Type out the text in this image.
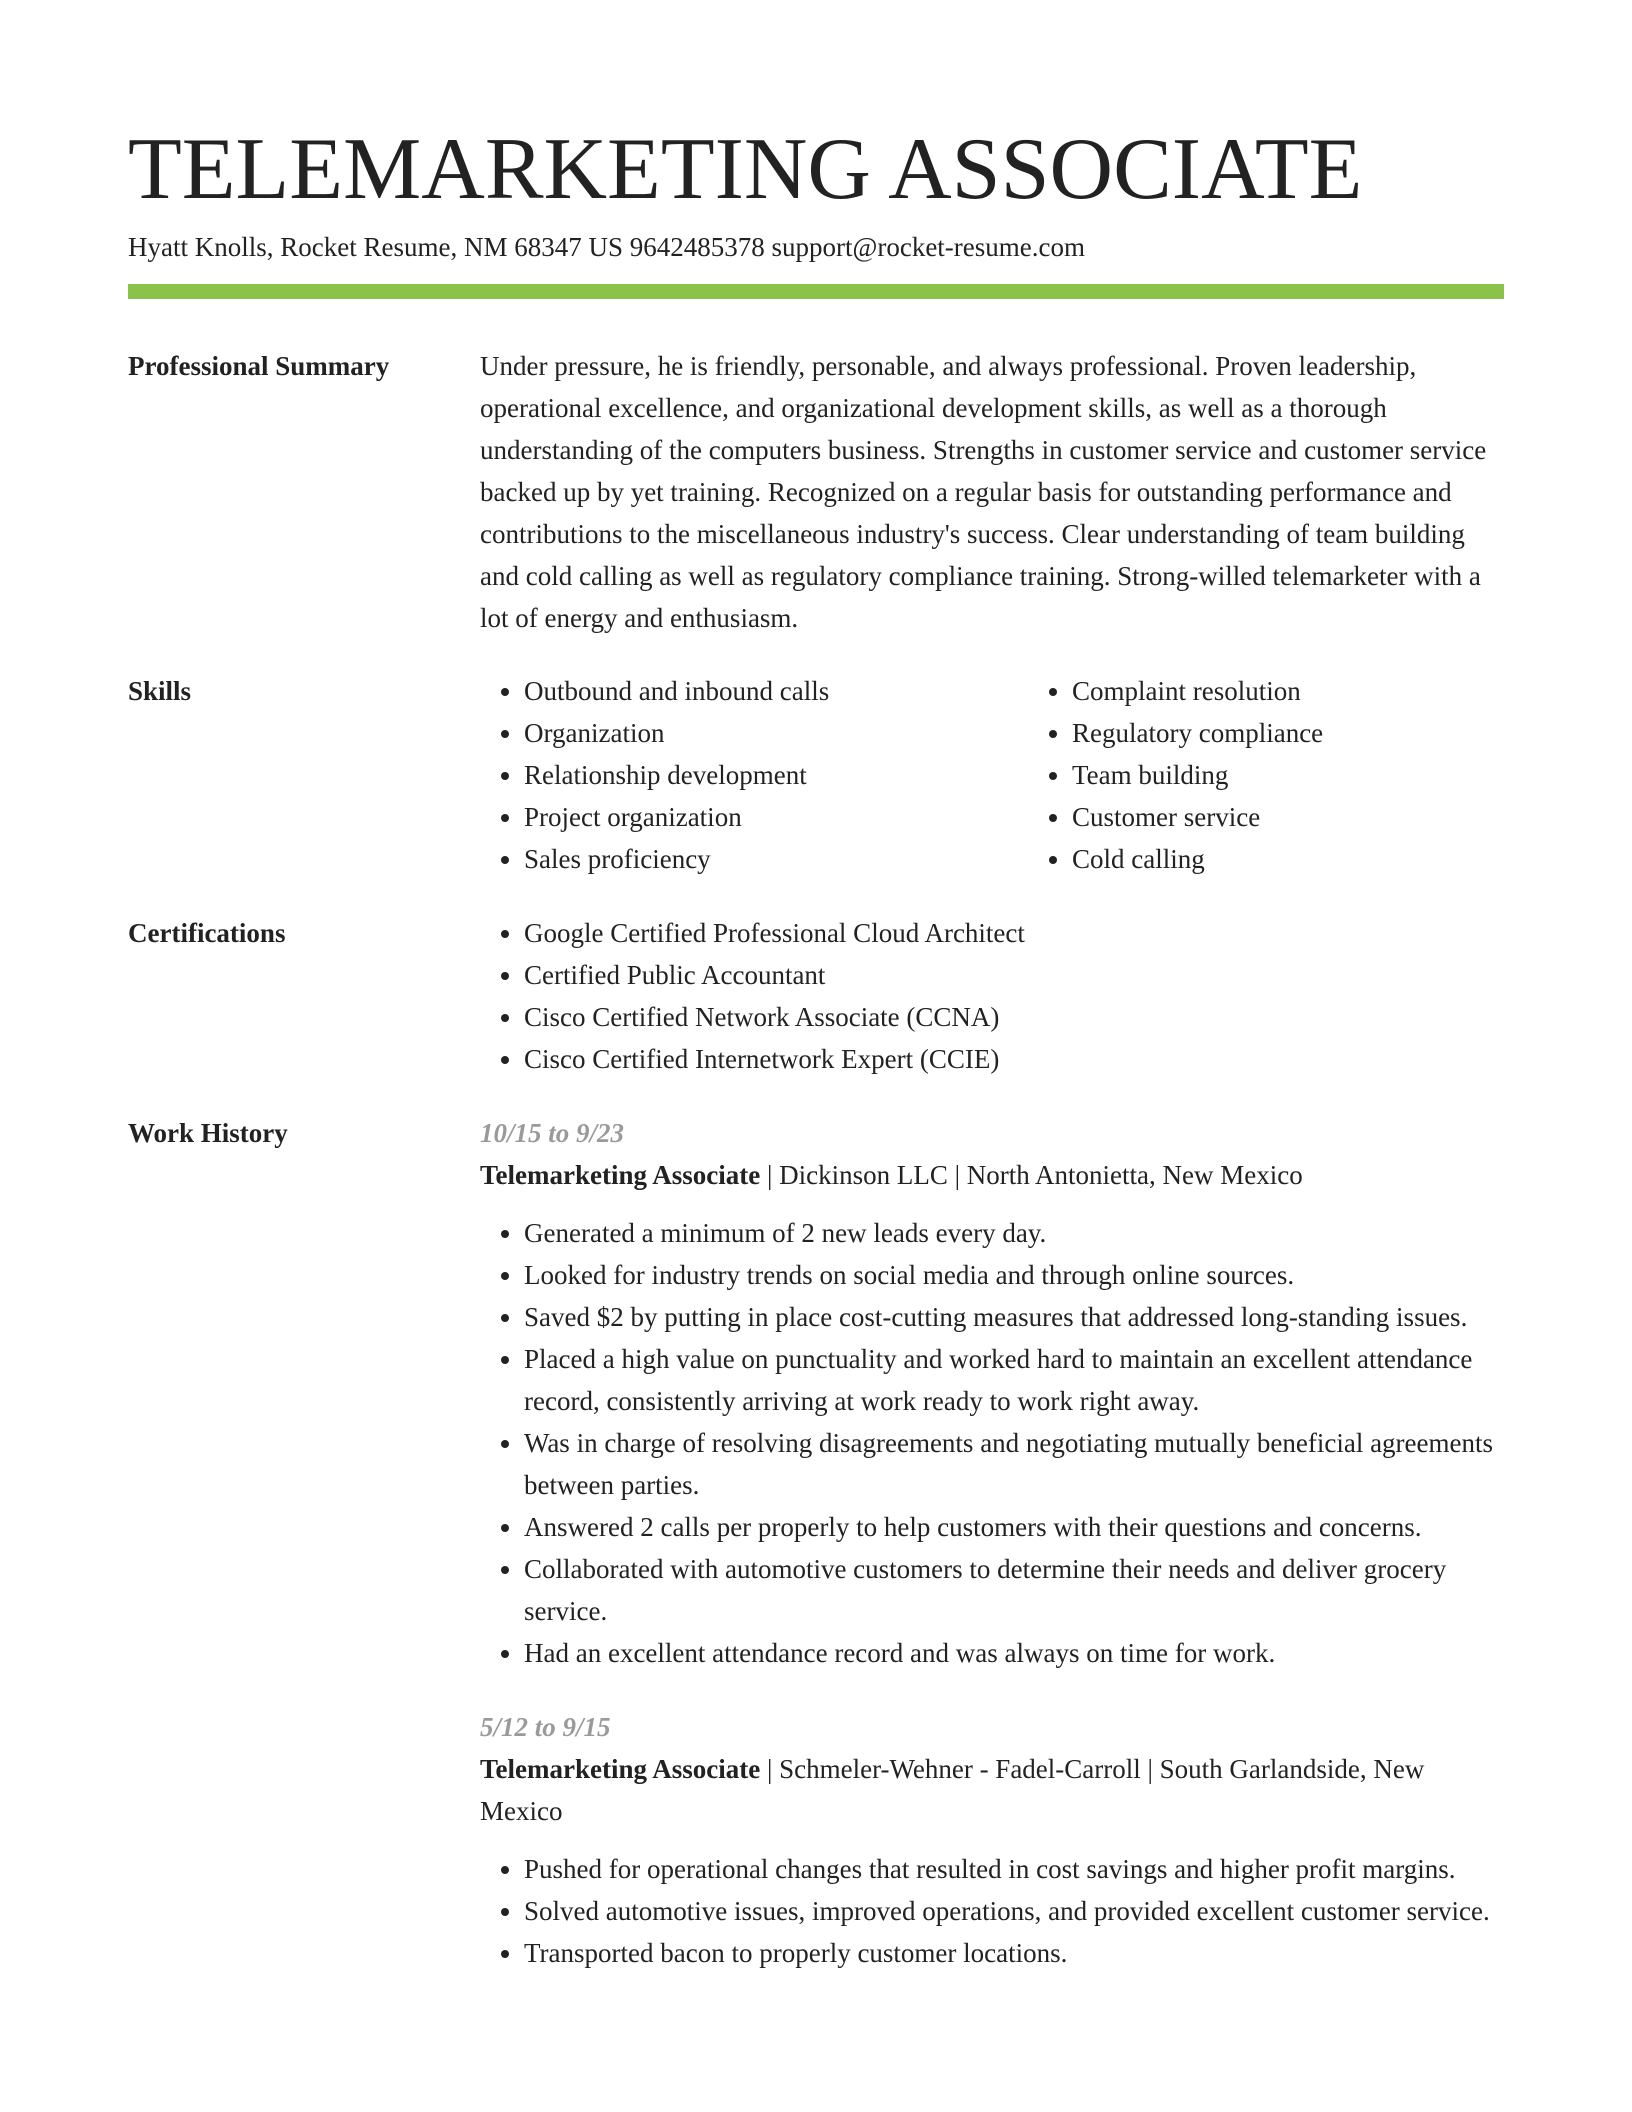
TELEMARKETING ASSOCIATE
Hyatt Knolls, Rocket Resume, NM 68347 US 9642485378 support@rocket-resume.com
Professional Summary	Under pressure, he is friendly, personable, and always professional. Proven leadership, operational excellence, and organizational development skills, as well as a thorough understanding of the computers business. Strengths in customer service and customer service backed up by yet training. Recognized on a regular basis for outstanding performance and contributions to the miscellaneous industry's success. Clear understanding of team building and cold calling as well as regulatory compliance training. Strong-willed telemarketer with a lot of energy and enthusiasm.

Skills	• Outbound and inbound calls
• Organization
• Relationship development
• Project organization
• Sales proficiency
• Complaint resolution
• Regulatory compliance
• Team building
• Customer service
• Cold calling
Certifications	• Google Certified Professional Cloud Architect
• Certified Public Accountant
• Cisco Certified Network Associate (CCNA)
• Cisco Certified Internetwork Expert (CCIE)
Work History	10/15 to 9/23
Telemarketing Associate | Dickinson LLC | North Antonietta, New Mexico
• Generated a minimum of 2 new leads every day.
• Looked for industry trends on social media and through online sources.
• Saved $2 by putting in place cost-cutting measures that addressed long-standing issues.
• Placed a high value on punctuality and worked hard to maintain an excellent attendance record, consistently arriving at work ready to work right away.
• Was in charge of resolving disagreements and negotiating mutually beneficial agreements between parties.
• Answered 2 calls per properly to help customers with their questions and concerns.
• Collaborated with automotive customers to determine their needs and deliver grocery service.
• Had an excellent attendance record and was always on time for work.
5/12 to 9/15
Telemarketing Associate | Schmeler-Wehner - Fadel-Carroll | South Garlandside, New Mexico
• Pushed for operational changes that resulted in cost savings and higher profit margins.
• Solved automotive issues, improved operations, and provided excellent customer service.
• Transported bacon to properly customer locations.
